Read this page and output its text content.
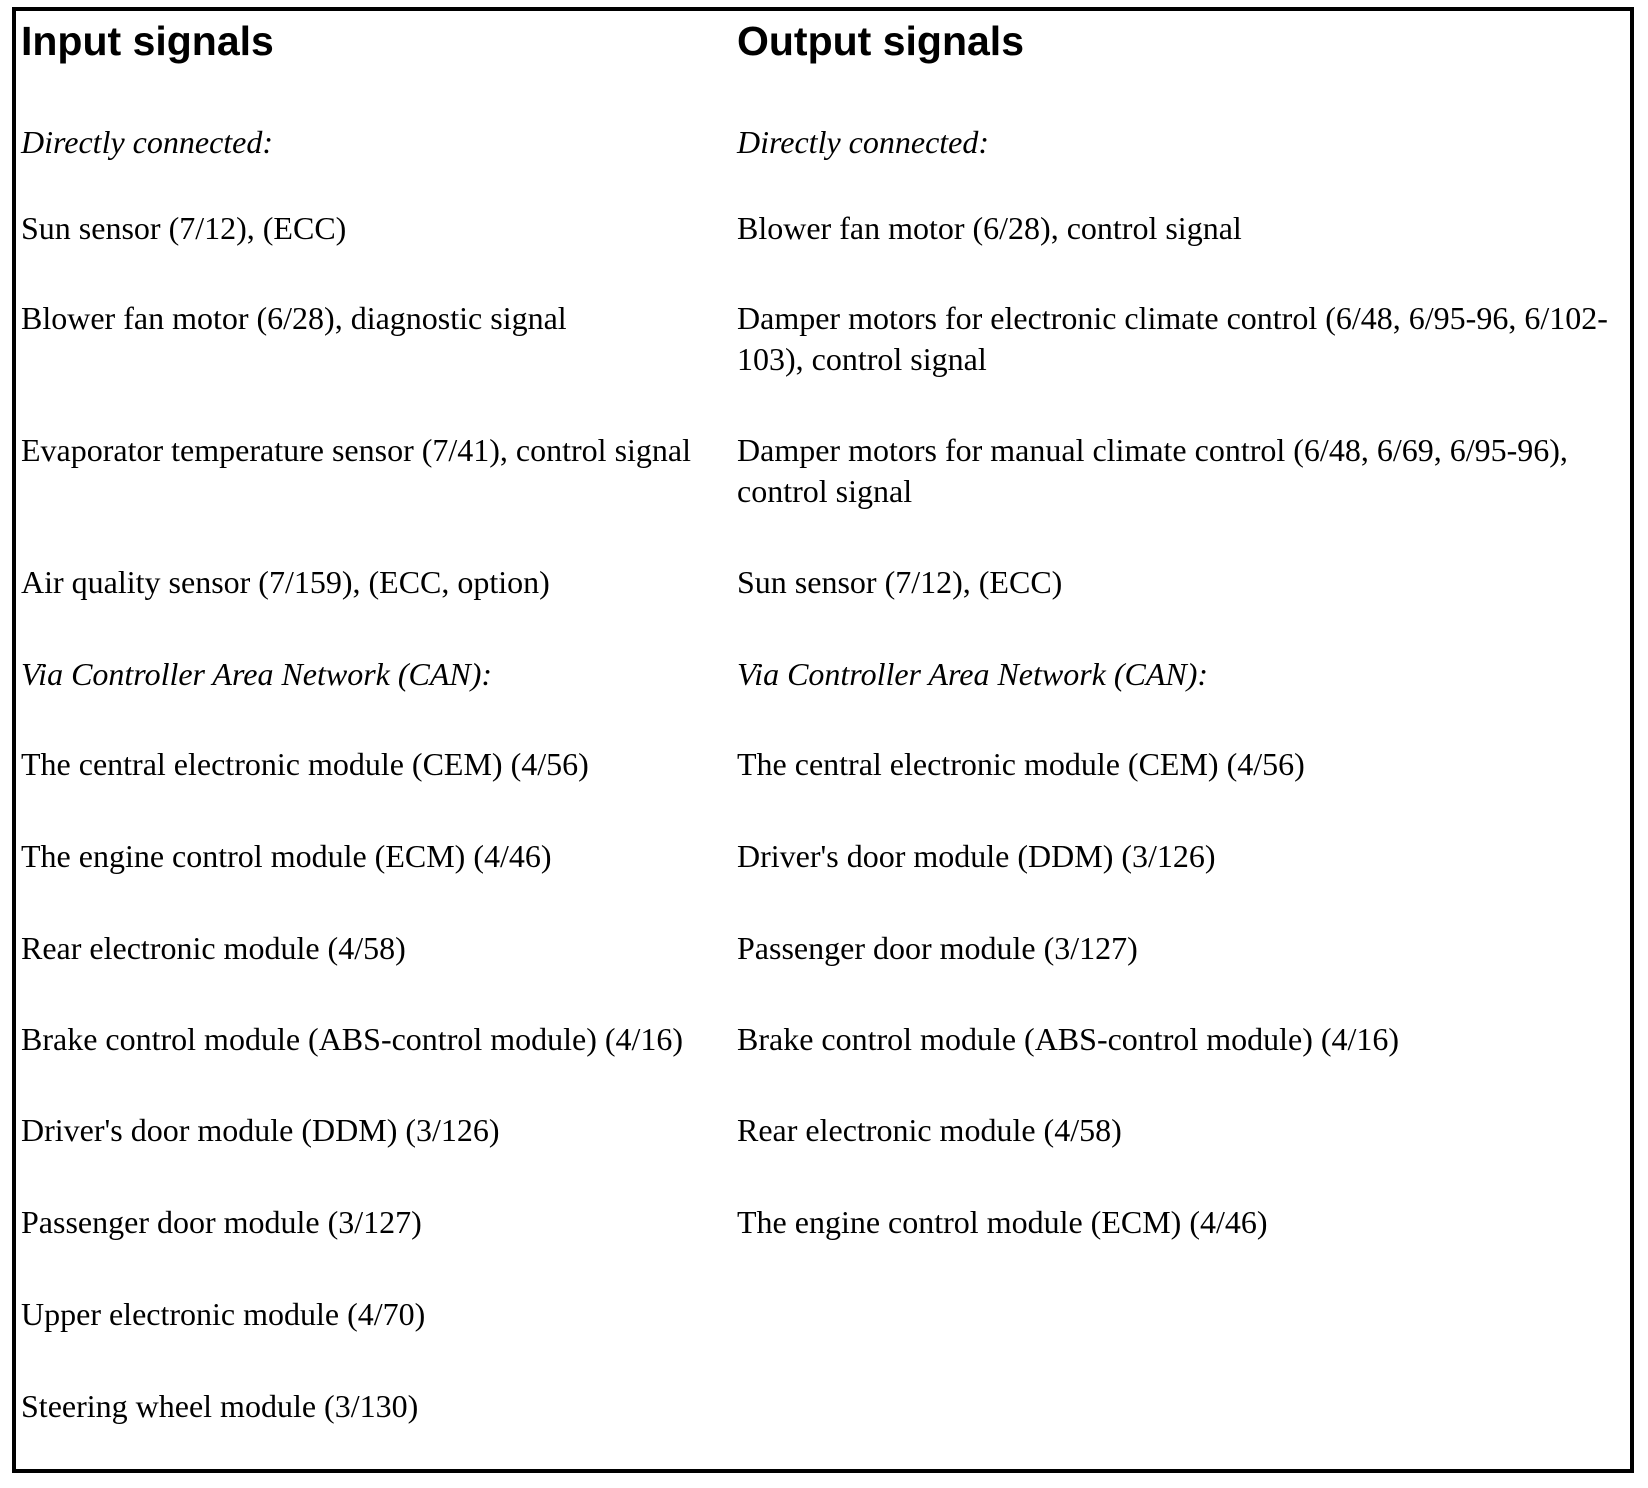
Input signals
Directly connected:
Sun sensor (7/12), (ECC)
Blower fan motor (6/28), diagnostic signal
Evaporator temperature sensor (7/41), control signal
Air quality sensor (7/159), (ECC, option)
Via Controller Area Network (CAN):
The central electronic module (CEM) (4/56)
The engine control module (ECM) (4/46)
Rear electronic module (4/58)
Brake control module (ABS-control module) (4/16)
Driver's door module (DDM) (3/126)
Passenger door module (3/127)
Upper electronic module (4/70)
Steering wheel module (3/130)
Output signals
Directly connected:
Blower fan motor (6/28), control signal
Damper motors for electronic climate control (6/48, 6/95-96, 6/102-103), control signal
Damper motors for manual climate control (6/48, 6/69, 6/95-96), control signal
Sun sensor (7/12), (ECC)
Via Controller Area Network (CAN):
The central electronic module (CEM) (4/56)
Driver's door module (DDM) (3/126)
Passenger door module (3/127)
Brake control module (ABS-control module) (4/16)
Rear electronic module (4/58)
The engine control module (ECM) (4/46)
